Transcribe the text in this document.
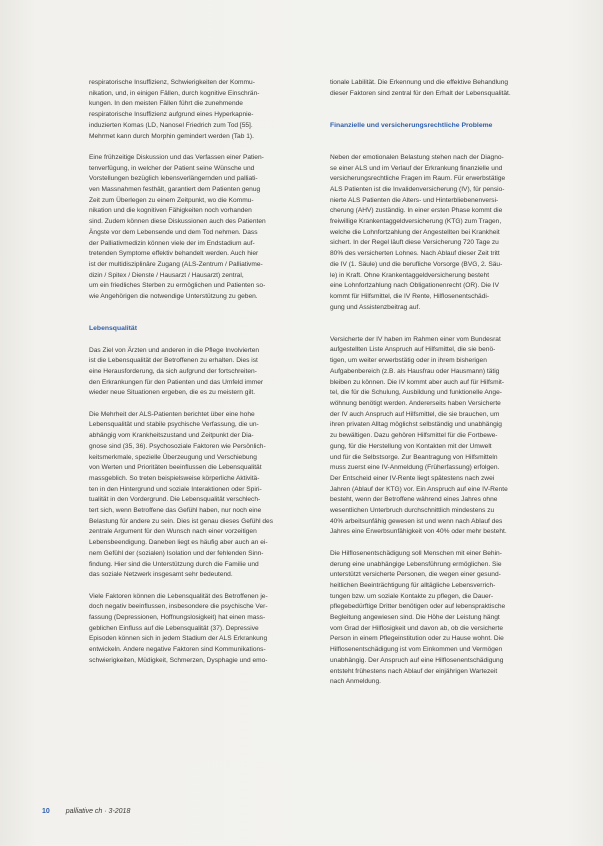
respiratorische Insuffizienz, Schwierigkeiten der Kommu-
nikation, und, in einigen Fällen, durch kognitive Einschrän-
kungen. In den meisten Fällen führt die zunehmende
respiratorische Insuffizienz aufgrund eines Hyperkapnie-
induzierten Komas (LD, Nanosel Friedrich zum Tod [55].
Mehrmet kann durch Morphin gemindert werden (Tab 1).
Eine frühzeitige Diskussion und das Verfassen einer Patien-
tenverfügung, in welcher der Patient seine Wünsche und
Vorstellungen bezüglich lebensverlängernden und palliati-
ven Massnahmen festhält, garantiert dem Patienten genug
Zeit zum Überlegen zu einem Zeitpunkt, wo die Kommu-
nikation und die kognitiven Fähigkeiten noch vorhanden
sind. Zudem können diese Diskussionen auch des Patienten
Ängste vor dem Lebensende und dem Tod nehmen. Dass
der Palliativmedizin können viele der im Endstadium auf-
tretenden Symptome effektiv behandelt werden. Auch hier
ist der multidisziplinäre Zugang (ALS-Zentrum / Palliativme-
dizin / Spitex / Dienste / Hausarzt / Hausarzt) zentral,
um ein friedliches Sterben zu ermöglichen und Patienten so-
wie Angehörigen die notwendige Unterstützung zu geben.
Lebensqualität
Das Ziel von Ärzten und anderen in die Pflege Involvierten
ist die Lebensqualität der Betroffenen zu erhalten. Dies ist
eine Herausforderung, da sich aufgrund der fortschreiten-
den Erkrankungen für den Patienten und das Umfeld immer
wieder neue Situationen ergeben, die es zu meistern gilt.
Die Mehrheit der ALS-Patienten berichtet über eine hohe
Lebensqualität und stabile psychische Verfassung, die un-
abhängig vom Krankheitszustand und Zeitpunkt der Dia-
gnose sind (35, 36). Psychosoziale Faktoren wie Persönlich-
keitsmerkmale, spezielle Überzeugung und Verschiebung
von Werten und Prioritäten beeinflussen die Lebensqualität
massgeblich. So treten beispielsweise körperliche Aktivitä-
ten in den Hintergrund und soziale Interaktionen oder Spiri-
tualität in den Vordergrund. Die Lebensqualität verschlech-
tert sich, wenn Betroffene das Gefühl haben, nur noch eine
Belastung für andere zu sein. Dies ist genau dieses Gefühl des
zentrale Argument für den Wunsch nach einer vorzeitigen
Lebensbeendigung. Daneben liegt es häufig aber auch an ei-
nem Gefühl der (sozialen) Isolation und der fehlenden Sinn-
findung. Hier sind die Unterstützung durch die Familie und
das soziale Netzwerk insgesamt sehr bedeutend.
Viele Faktoren können die Lebensqualität des Betroffenen je-
doch negativ beeinflussen, insbesondere die psychische Ver-
fassung (Depressionen, Hoffnungslosigkeit) hat einen mass-
geblichen Einfluss auf die Lebensqualität (37). Depressive
Episoden können sich in jedem Stadium der ALS Erkrankung
entwickeln. Andere negative Faktoren sind Kommunikations-
schwierigkeiten, Müdigkeit, Schmerzen, Dysphagie und emo-
tionale Labilität. Die Erkennung und die effektive Behandlung
dieser Faktoren sind zentral für den Erhalt der Lebensqualität.
Finanzielle und versicherungsrechtliche Probleme
Neben der emotionalen Belastung stehen nach der Diagno-
se einer ALS und im Verlauf der Erkrankung finanzielle und
versicherungsrechtliche Fragen im Raum. Für erwerbstätige
ALS Patienten ist die Invalidenversicherung (IV), für pensio-
nierte ALS Patienten die Alters- und Hinterbliebenenversi-
cherung (AHV) zuständig. In einer ersten Phase kommt die
freiwillige Krankentaggeldversicherung (KTG) zum Tragen,
welche die Lohnfortzahlung der Angestellten bei Krankheit
sichert. In der Regel läuft diese Versicherung 720 Tage zu
80% des versicherten Lohnes. Nach Ablauf dieser Zeit tritt
die IV (1. Säule) und die berufliche Vorsorge (BVG, 2. Säu-
le) in Kraft. Ohne Krankentaggeldversicherung besteht
eine Lohnfortzahlung nach Obligationenrecht (OR). Die IV
kommt für Hilfsmittel, die IV Rente, Hilflosenentschädi-
gung und Assistenzbeitrag auf.
Versicherte der IV haben im Rahmen einer vom Bundesrat
aufgestellten Liste Anspruch auf Hilfsmittel, die sie benö-
tigen, um weiter erwerbstätig oder in ihrem bisherigen
Aufgabenbereich (z.B. als Hausfrau oder Hausmann) tätig
bleiben zu können. Die IV kommt aber auch auf für Hilfsmit-
tel, die für die Schulung, Ausbildung und funktionelle Ange-
wöhnung benötigt werden. Andererseits haben Versicherte
der IV auch Anspruch auf Hilfsmittel, die sie brauchen, um
ihren privaten Alltag möglichst selbständig und unabhängig
zu bewältigen. Dazu gehören Hilfsmittel für die Fortbewe-
gung, für die Herstellung von Kontakten mit der Umwelt
und für die Selbstsorge. Zur Beantragung von Hilfsmitteln
muss zuerst eine IV-Anmeldung (Früherfassung) erfolgen.
Der Entscheid einer IV-Rente liegt spätestens nach zwei
Jahren (Ablauf der KTG) vor. Ein Anspruch auf eine IV-Rente
besteht, wenn der Betroffene während eines Jahres ohne
wesentlichen Unterbruch durchschnittlich mindestens zu
40% arbeitsunfähig gewesen ist und wenn nach Ablauf des
Jahres eine Erwerbsunfähigkeit von 40% oder mehr besteht.
Die Hilflosenentschädigung soll Menschen mit einer Behin-
derung eine unabhängige Lebensführung ermöglichen. Sie
unterstützt versicherte Personen, die wegen einer gesund-
heitlichen Beeinträchtigung für alltägliche Lebensverrich-
tungen bzw. um soziale Kontakte zu pflegen, die Dauer-
pflegebedürftige Dritter benötigen oder auf lebenspraktische
Begleitung angewiesen sind. Die Höhe der Leistung hängt
vom Grad der Hilflosigkeit und davon ab, ob die versicherte
Person in einem Pflegeinstitution oder zu Hause wohnt. Die
Hilflosenentschädigung ist vom Einkommen und Vermögen
unabhängig. Der Anspruch auf eine Hilflosenentschädigung
entsteht frühestens nach Ablauf der einjährigen Wartezeit
nach Anmeldung.
10 palliative ch · 3-2018
